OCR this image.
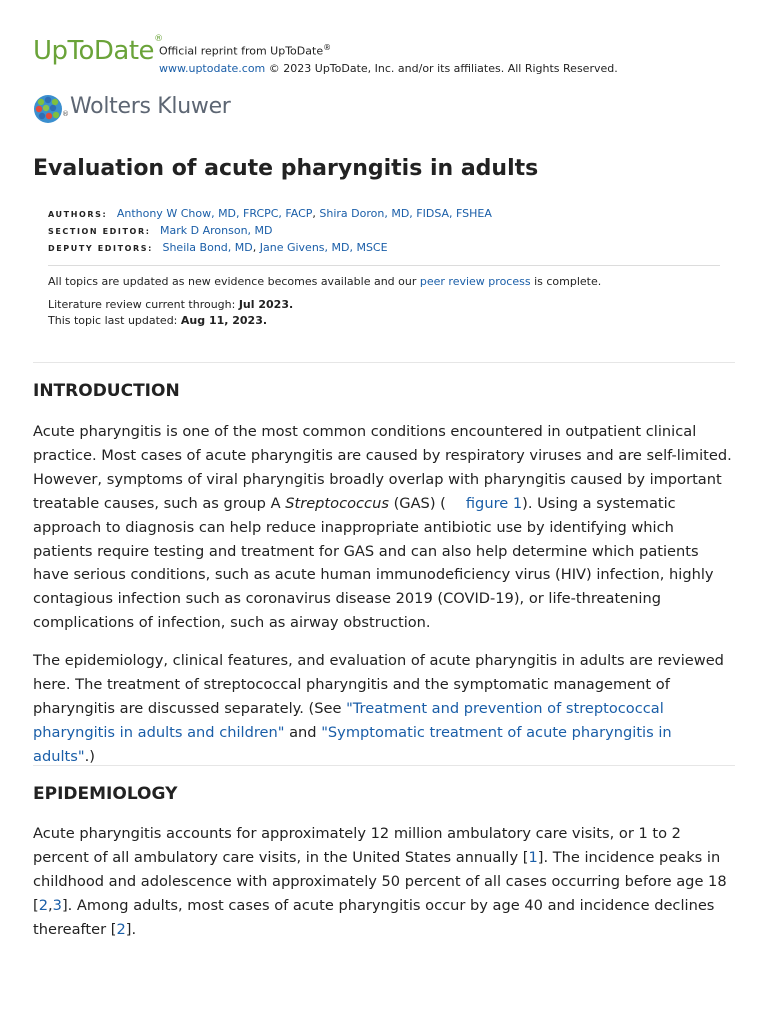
UpToDate®
Official reprint from UpToDate®
www.uptodate.com © 2023 UpToDate, Inc. and/or its affiliates. All Rights Reserved.
® Wolters Kluwer
Evaluation of acute pharyngitis in adults
AUTHORS: Anthony W Chow, MD, FRCPC, FACP, Shira Doron, MD, FIDSA, FSHEA
SECTION EDITOR: Mark D Aronson, MD
DEPUTY EDITORS: Sheila Bond, MD, Jane Givens, MD, MSCE
All topics are updated as new evidence becomes available and our peer review process is complete.
Literature review current through: Jul 2023.
This topic last updated: Aug 11, 2023.
INTRODUCTION

Acute pharyngitis is one of the most common conditions encountered in outpatient clinical practice. Most cases of acute pharyngitis are caused by respiratory viruses and are self-limited. However, symptoms of viral pharyngitis broadly overlap with pharyngitis caused by important treatable causes, such as group A Streptococcus (GAS) ( figure 1). Using a systematic approach to diagnosis can help reduce inappropriate antibiotic use by identifying which patients require testing and treatment for GAS and can also help determine which patients have serious conditions, such as acute human immunodeficiency virus (HIV) infection, highly contagious infection such as coronavirus disease 2019 (COVID-19), or life-threatening complications of infection, such as airway obstruction.

The epidemiology, clinical features, and evaluation of acute pharyngitis in adults are reviewed here. The treatment of streptococcal pharyngitis and the symptomatic management of pharyngitis are discussed separately. (See "Treatment and prevention of streptococcal pharyngitis in adults and children" and "Symptomatic treatment of acute pharyngitis in adults".)

EPIDEMIOLOGY

Acute pharyngitis accounts for approximately 12 million ambulatory care visits, or 1 to 2 percent of all ambulatory care visits, in the United States annually [1]. The incidence peaks in childhood and adolescence with approximately 50 percent of all cases occurring before age 18 [2,3]. Among adults, most cases of acute pharyngitis occur by age 40 and incidence declines thereafter [2].
